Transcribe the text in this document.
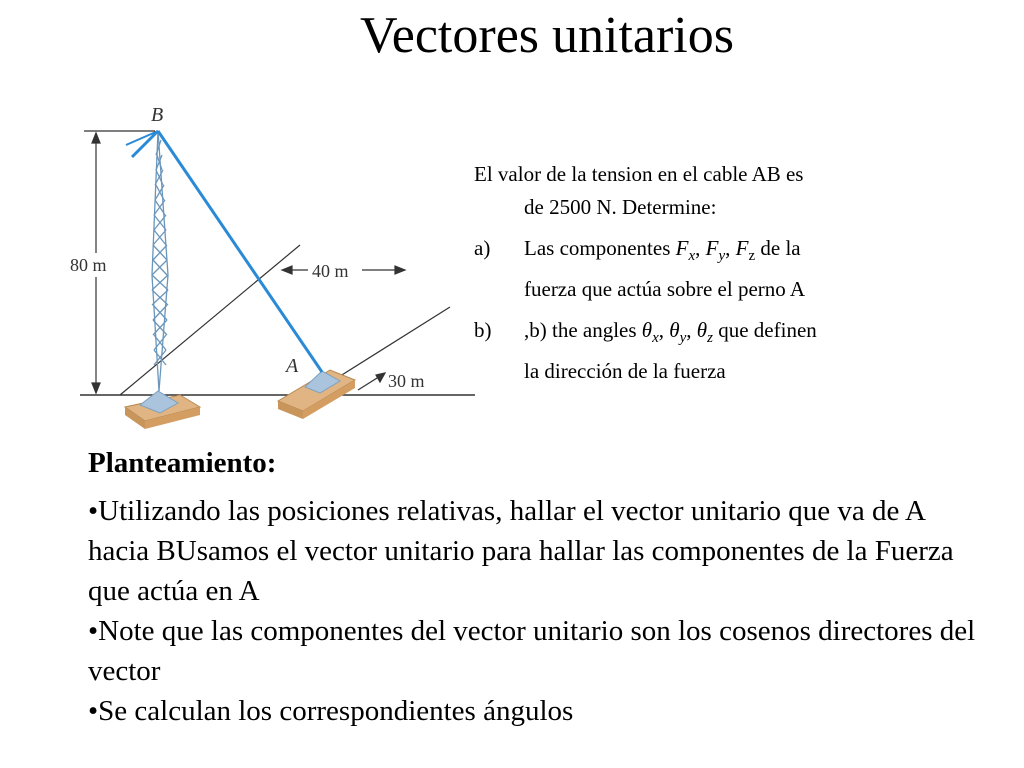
Vectores unitarios
80 m	40 m
30 m
B
A

El valor de la tension en el cable AB es
de 2500 N. Determine:

a)	Las componentes $F_x$, $F_y$, $F_z$ de la
fuerza que actúa sobre el perno A
b)	,b) the angles $\theta_x$, $\theta_y$, $\theta_z$ que definen
la dirección de la fuerza
Planteamiento:

•Utilizando las posiciones relativas, hallar el vector unitario que va de A hacia BUsamos el vector unitario para hallar las componentes de la Fuerza que actúa en A

•Note que las componentes del vector unitario son los cosenos directores del vector

•Se calculan los correspondientes ángulos
